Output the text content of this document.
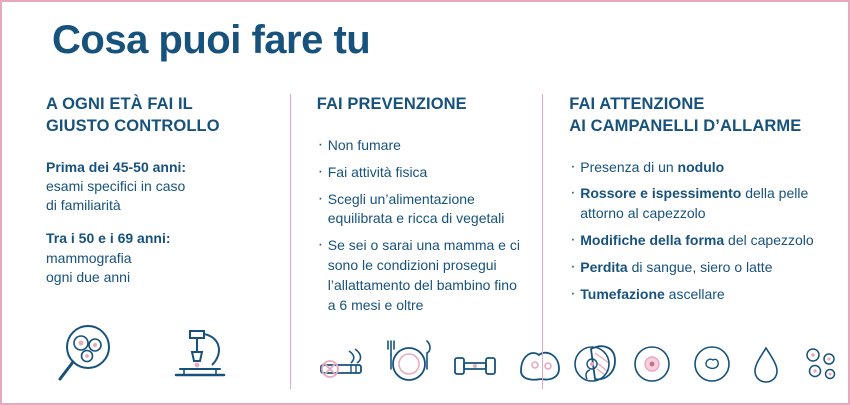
Cosa puoi fare tu
A OGNI ETÀ FAI IL
GIUSTO CONTROLLO
Prima dei 45-50 anni:
esami specifici in caso
di familiarità
Tra i 50 e i 69 anni:
mammografia
ogni due anni
FAI PREVENZIONE
· Non fumare
· Fai attività fisica
· Scegli un’alimentazione equilibrata e ricca di vegetali
· Se sei o sarai una mamma e ci sono le condizioni prosegui l’allattamento del bambino fino a 6 mesi e oltre
FAI ATTENZIONE
AI CAMPANELLI D’ALLARME
· Presenza di un nodulo
· Rossore e ispessimento della pelle attorno al capezzolo
· Modifiche della forma del capezzolo
· Perdita di sangue, siero o latte
· Tumefazione ascellare
